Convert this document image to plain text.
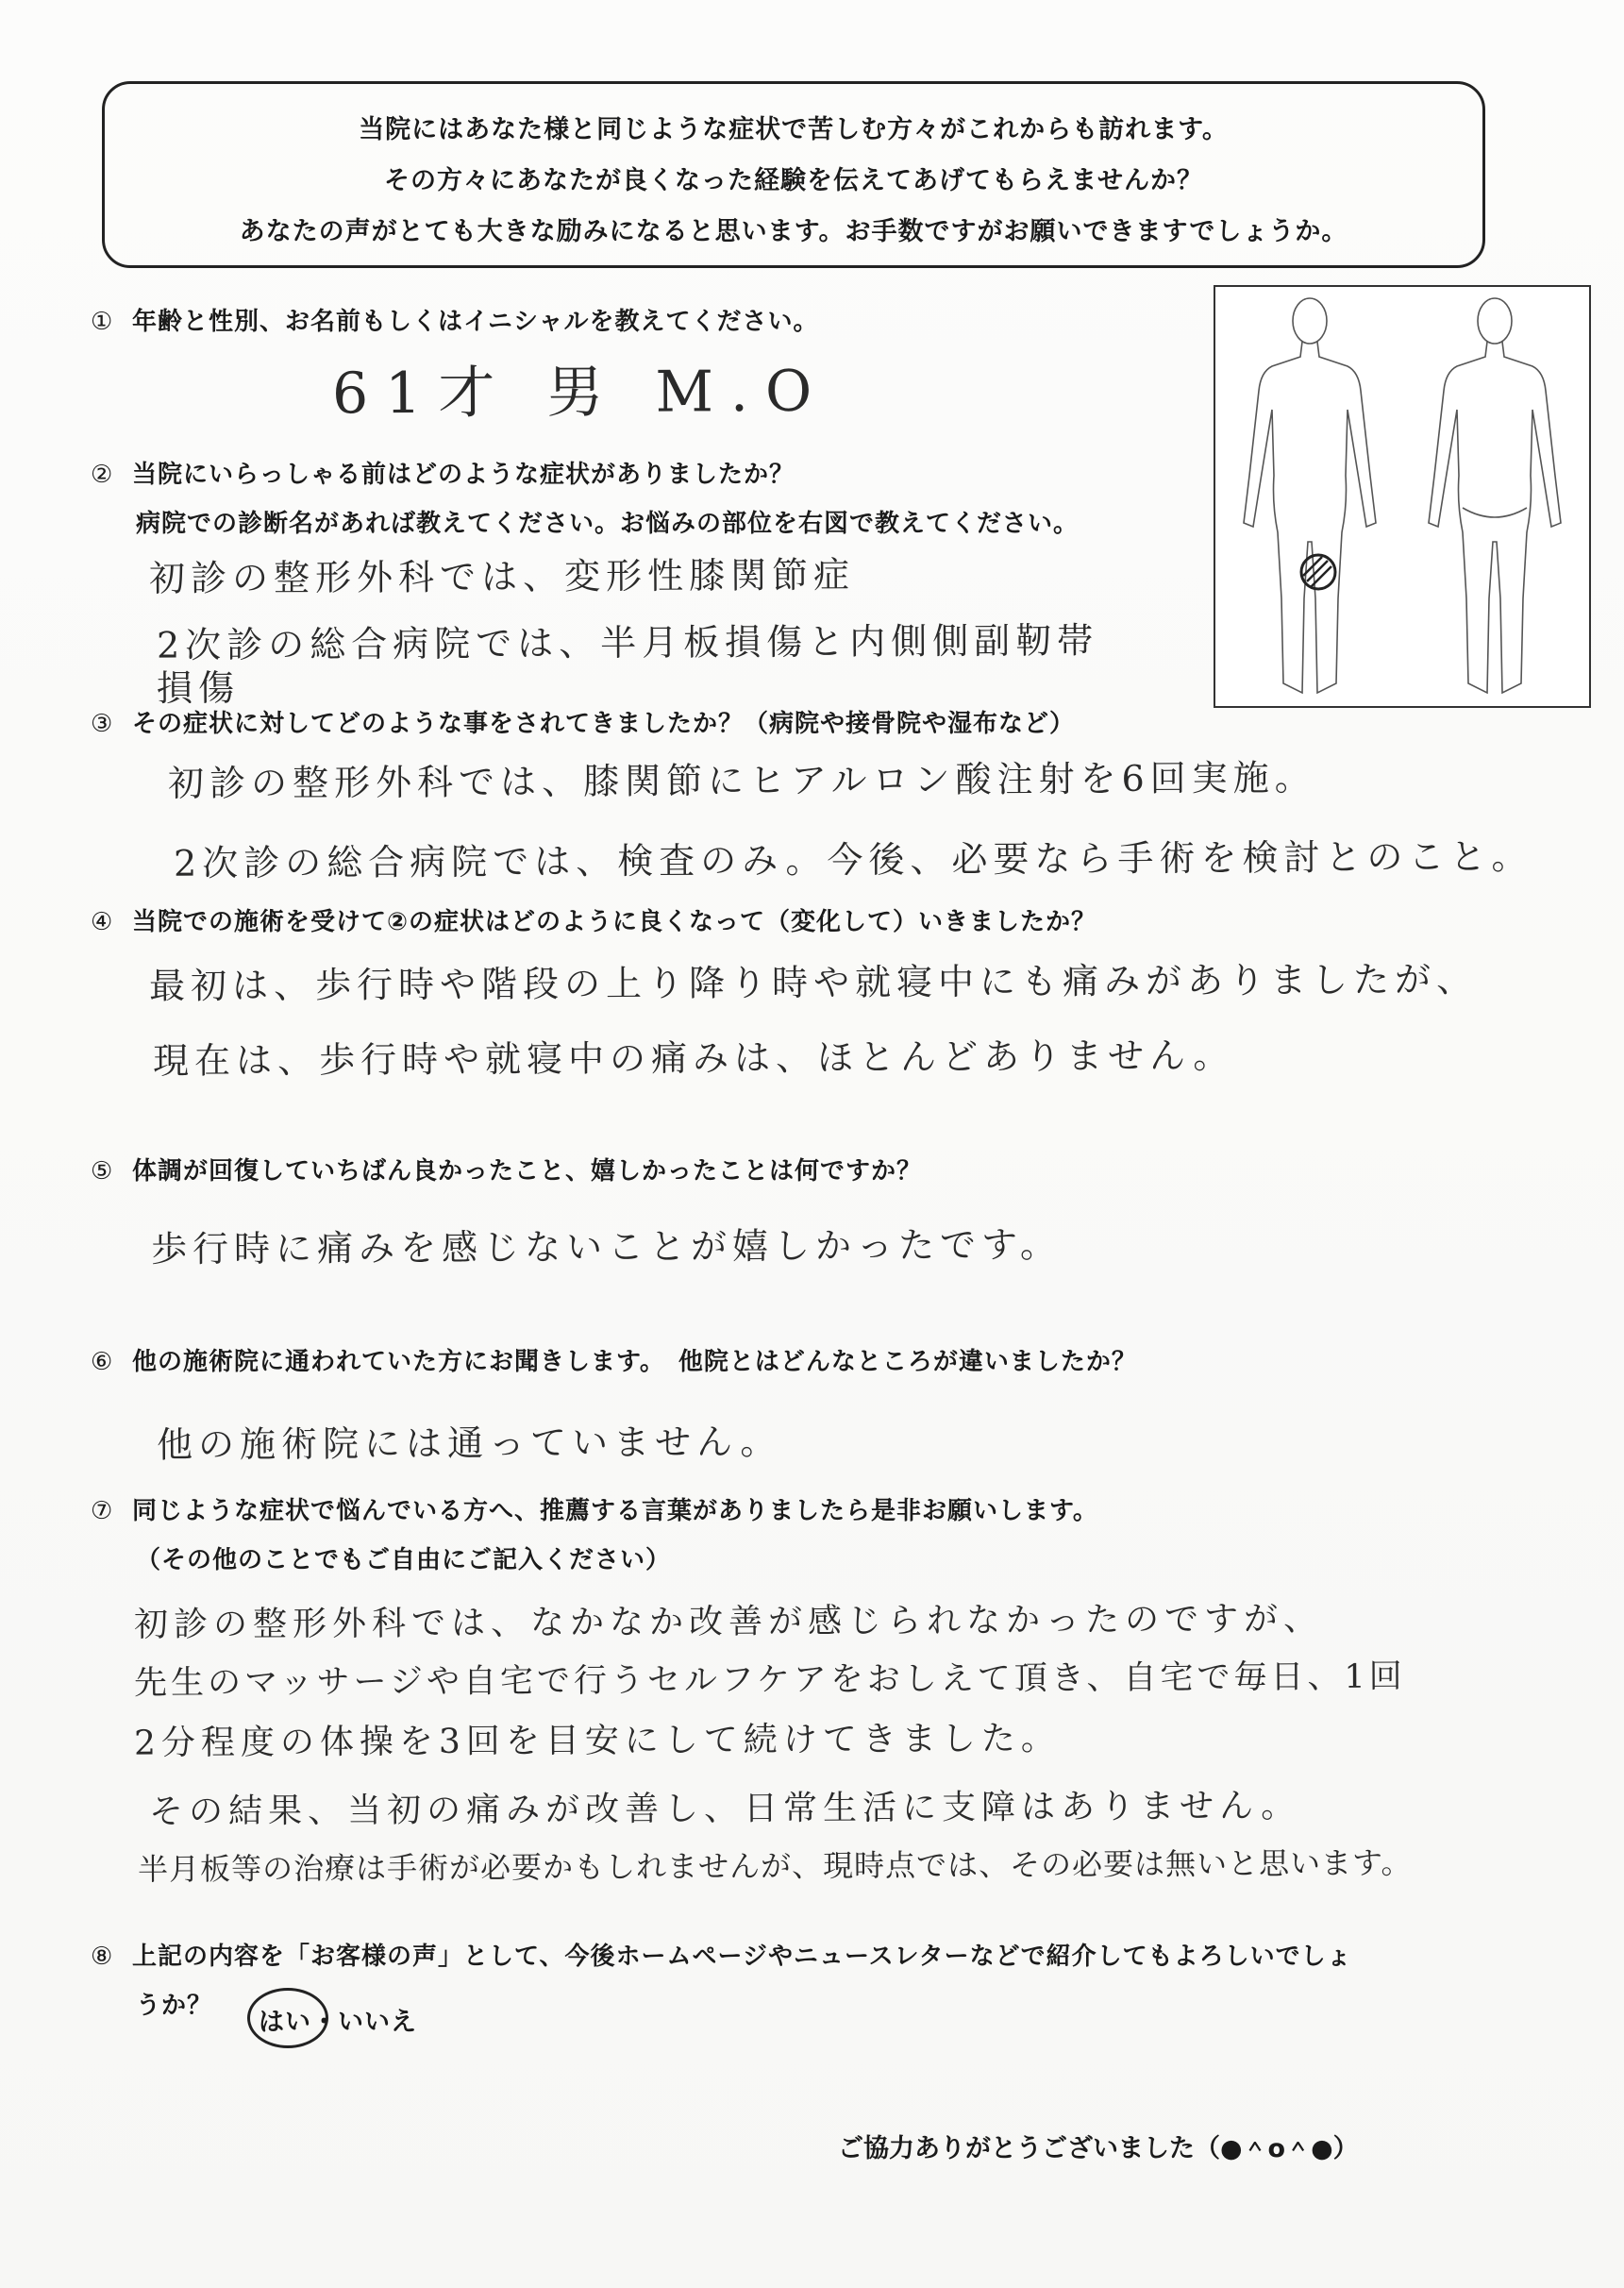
当院にはあなた様と同じような症状で苦しむ方々がこれからも訪れます。
その方々にあなたが良くなった経験を伝えてあげてもらえませんか？
あなたの声がとても大きな励みになると思います。お手数ですがお願いできますでしょうか。
① 年齢と性別、お名前もしくはイニシャルを教えてください。
61才 男 M.O
② 当院にいらっしゃる前はどのような症状がありましたか？
病院での診断名があれば教えてください。お悩みの部位を右図で教えてください。
初診の整形外科では、変形性膝関節症
2次診の総合病院では、半月板損傷と内側側副靭帯
損傷
③ その症状に対してどのような事をされてきましたか？（病院や接骨院や湿布など）
初診の整形外科では、膝関節にヒアルロン酸注射を6回実施。
2次診の総合病院では、検査のみ。今後、必要なら手術を検討とのこと。
④ 当院での施術を受けて②の症状はどのように良くなって（変化して）いきましたか？
最初は、歩行時や階段の上り降り時や就寝中にも痛みがありましたが、
現在は、歩行時や就寝中の痛みは、ほとんどありません。
⑤ 体調が回復していちばん良かったこと、嬉しかったことは何ですか？
歩行時に痛みを感じないことが嬉しかったです。
⑥ 他の施術院に通われていた方にお聞きします。　他院とはどんなところが違いましたか？
他の施術院には通っていません。
⑦ 同じような症状で悩んでいる方へ、推薦する言葉がありましたら是非お願いします。
（その他のことでもご自由にご記入ください）
初診の整形外科では、なかなか改善が感じられなかったのですが、
先生のマッサージや自宅で行うセルフケアをおしえて頂き、自宅で毎日、1回
2分程度の体操を3回を目安にして続けてきました。
その結果、当初の痛みが改善し、日常生活に支障はありません。
半月板等の治療は手術が必要かもしれませんが、現時点では、その必要は無いと思います。
⑧ 上記の内容を「お客様の声」として、今後ホームページやニュースレターなどで紹介してもよろしいでしょ
うか？
はい・いいえ
ご協力ありがとうございました（●＾o＾●）
